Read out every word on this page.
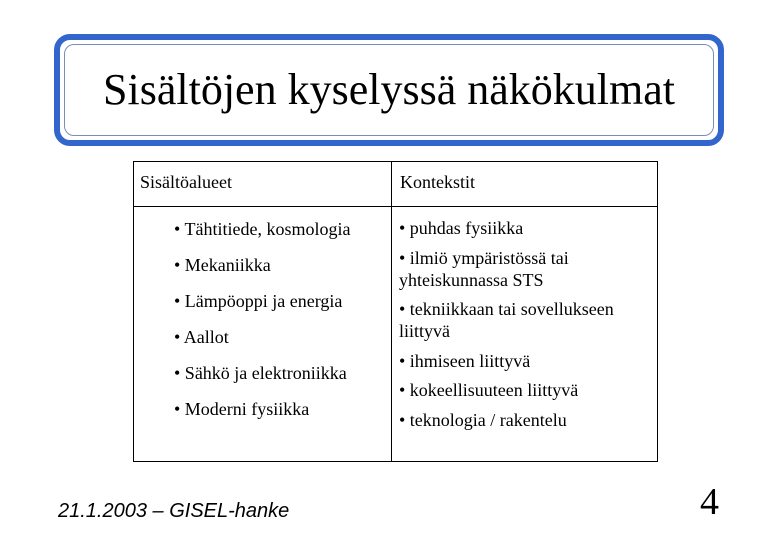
Sisältöjen kyselyssä näkökulmat
Sisältöalueet	Kontekstit
• Tähtitiede, kosmologia
• Mekaniikka
• Lämpöoppi ja energia
• Aallot
• Sähkö ja elektroniikka
• Moderni fysiikka
• puhdas fysiikka
• ilmiö ympäristössä tai yhteiskunnassa STS
• tekniikkaan tai sovellukseen liittyvä
• ihmiseen liittyvä
• kokeellisuuteen liittyvä
• teknologia / rakentelu
21.1.2003 – GISEL-hanke	4
